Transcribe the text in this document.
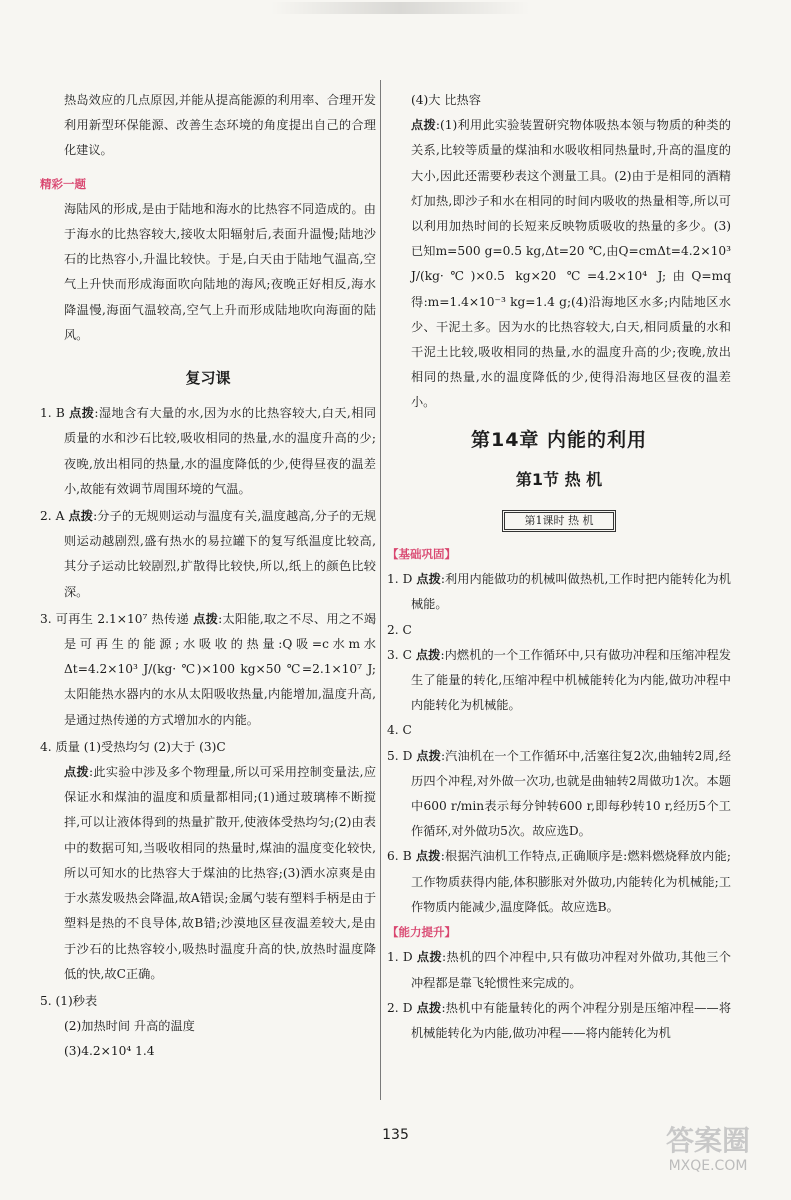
热岛效应的几点原因,并能从提高能源的利用率、合理开发利用新型环保能源、改善生态环境的角度提出自己的合理化建议。

精彩一题

海陆风的形成,是由于陆地和海水的比热容不同造成的。由于海水的比热容较大,接收太阳辐射后,表面升温慢;陆地沙石的比热容小,升温比较快。于是,白天由于陆地气温高,空气上升快而形成海面吹向陆地的海风;夜晚正好相反,海水降温慢,海面气温较高,空气上升而形成陆地吹向海面的陆风。

复习课

1. B 点拨:湿地含有大量的水,因为水的比热容较大,白天,相同质量的水和沙石比较,吸收相同的热量,水的温度升高的少;夜晚,放出相同的热量,水的温度降低的少,使得昼夜的温差小,故能有效调节周围环境的气温。

2. A 点拨:分子的无规则运动与温度有关,温度越高,分子的无规则运动越剧烈,盛有热水的易拉罐下的复写纸温度比较高,其分子运动比较剧烈,扩散得比较快,所以,纸上的颜色比较深。

3. 可再生 2.1×10⁷ 热传递 点拨:太阳能,取之不尽、用之不竭是可再生的能源;水吸收的热量:Q吸=c水m水Δt=4.2×10³ J/(kg· ℃)×100 kg×50 ℃=2.1×10⁷ J;太阳能热水器内的水从太阳吸收热量,内能增加,温度升高,是通过热传递的方式增加水的内能。

4. 质量 (1)受热均匀 (2)大于 (3)C

点拨:此实验中涉及多个物理量,所以可采用控制变量法,应保证水和煤油的温度和质量都相同;(1)通过玻璃棒不断搅拌,可以让液体得到的热量扩散开,使液体受热均匀;(2)由表中的数据可知,当吸收相同的热量时,煤油的温度变化较快,所以可知水的比热容大于煤油的比热容;(3)洒水凉爽是由于水蒸发吸热会降温,故A错误;金属勺装有塑料手柄是由于塑料是热的不良导体,故B错;沙漠地区昼夜温差较大,是由于沙石的比热容较小,吸热时温度升高的快,放热时温度降低的快,故C正确。

5. (1)秒表

(2)加热时间 升高的温度

(3)4.2×10⁴ 1.4

(4)大 比热容

点拨:(1)利用此实验装置研究物体吸热本领与物质的种类的关系,比较等质量的煤油和水吸收相同热量时,升高的温度的大小,因此还需要秒表这个测量工具。(2)由于是相同的酒精灯加热,即沙子和水在相同的时间内吸收的热量相等,所以可以利用加热时间的长短来反映物质吸收的热量的多少。(3)已知m=500 g=0.5 kg,Δt=20 ℃,由Q=cmΔt=4.2×10³ J/(kg·℃)×0.5 kg×20 ℃=4.2×10⁴ J;由Q=mq得:m=1.4×10⁻³ kg=1.4 g;(4)沿海地区水多;内陆地区水少、干泥土多。因为水的比热容较大,白天,相同质量的水和干泥土比较,吸收相同的热量,水的温度升高的少;夜晚,放出相同的热量,水的温度降低的少,使得沿海地区昼夜的温差小。

第14章 内能的利用
第1节 热 机
第1课时 热 机

【基础巩固】

1. D 点拨:利用内能做功的机械叫做热机,工作时把内能转化为机械能。

2. C

3. C 点拨:内燃机的一个工作循环中,只有做功冲程和压缩冲程发生了能量的转化,压缩冲程中机械能转化为内能,做功冲程中内能转化为机械能。

4. C

5. D 点拨:汽油机在一个工作循环中,活塞往复2次,曲轴转2周,经历四个冲程,对外做一次功,也就是曲轴转2周做功1次。本题中600 r/min表示每分钟转600 r,即每秒转10 r,经历5个工作循环,对外做功5次。故应选D。

6. B 点拨:根据汽油机工作特点,正确顺序是:燃料燃烧释放内能;工作物质获得内能,体积膨胀对外做功,内能转化为机械能;工作物质内能减少,温度降低。故应选B。

【能力提升】

1. D 点拨:热机的四个冲程中,只有做功冲程对外做功,其他三个冲程都是靠飞轮惯性来完成的。

2. D 点拨:热机中有能量转化的两个冲程分别是压缩冲程——将机械能转化为内能,做功冲程——将内能转化为机

135	答案圈
MXQE.COM
